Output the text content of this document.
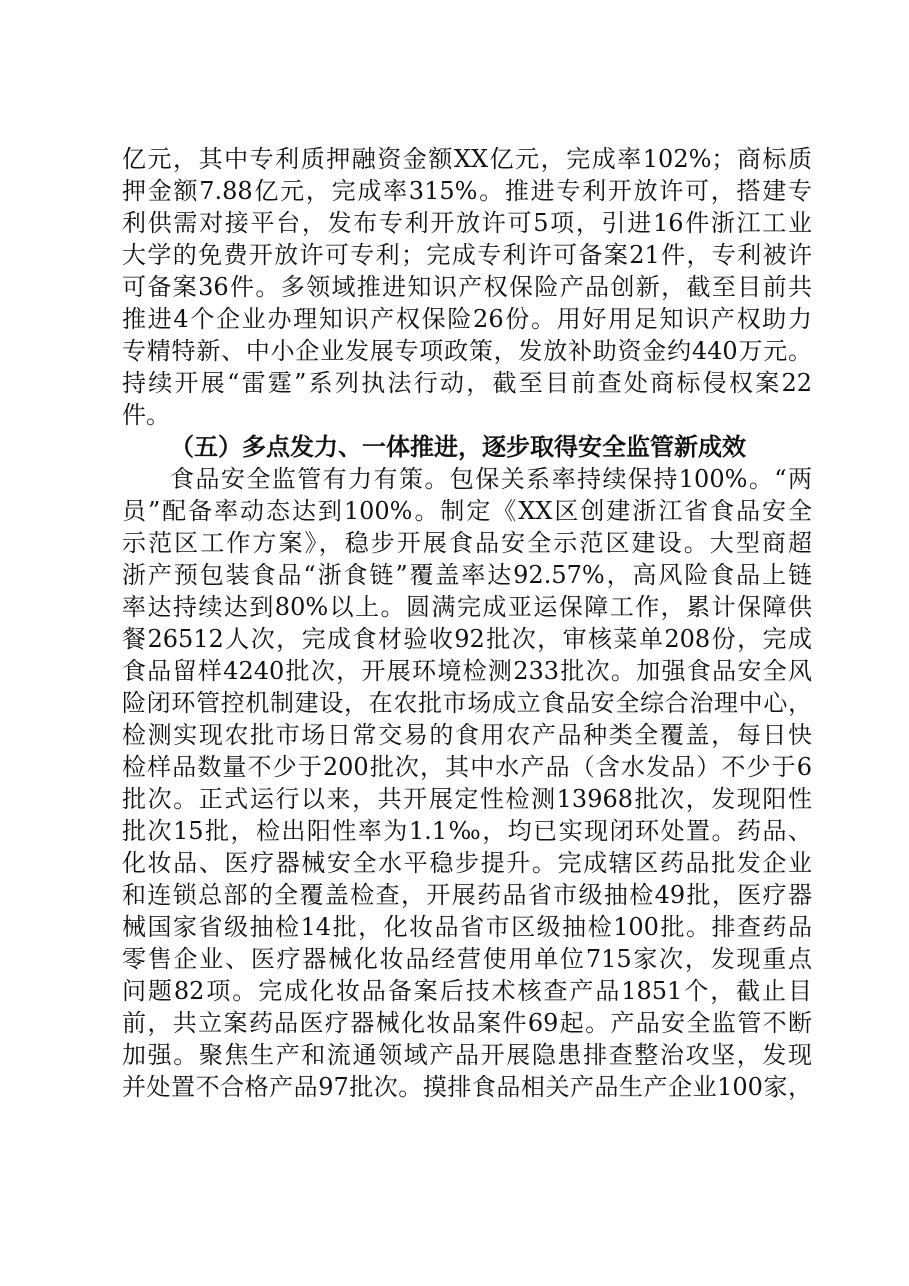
亿元，其中专利质押融资金额XX亿元，完成率102%；商标质
押金额7.88亿元，完成率315%。推进专利开放许可，搭建专
利供需对接平台，发布专利开放许可5项，引进16件浙江工业
大学的免费开放许可专利；完成专利许可备案21件，专利被许
可备案36件。多领域推进知识产权保险产品创新，截至目前共
推进4个企业办理知识产权保险26份。用好用足知识产权助力
专精特新、中小企业发展专项政策，发放补助资金约440万元。
持续开展“雷霆”系列执法行动，截至目前查处商标侵权案22
件。
（五）多点发力、一体推进，逐步取得安全监管新成效
食品安全监管有力有策。包保关系率持续保持100%。“两
员”配备率动态达到100%。制定《XX区创建浙江省食品安全
示范区工作方案》，稳步开展食品安全示范区建设。大型商超
浙产预包装食品“浙食链”覆盖率达92.57%，高风险食品上链
率达持续达到80%以上。圆满完成亚运保障工作，累计保障供
餐26512人次，完成食材验收92批次，审核菜单208份，完成
食品留样4240批次，开展环境检测233批次。加强食品安全风
险闭环管控机制建设，在农批市场成立食品安全综合治理中心，
检测实现农批市场日常交易的食用农产品种类全覆盖，每日快
检样品数量不少于200批次，其中水产品（含水发品）不少于6
批次。正式运行以来，共开展定性检测13968批次，发现阳性
批次15批，检出阳性率为1.1‰，均已实现闭环处置。药品、
化妆品、医疗器械安全水平稳步提升。完成辖区药品批发企业
和连锁总部的全覆盖检查，开展药品省市级抽检49批，医疗器
械国家省级抽检14批，化妆品省市区级抽检100批。排查药品
零售企业、医疗器械化妆品经营使用单位715家次，发现重点
问题82项。完成化妆品备案后技术核查产品1851个，截止目
前，共立案药品医疗器械化妆品案件69起。产品安全监管不断
加强。聚焦生产和流通领域产品开展隐患排查整治攻坚，发现
并处置不合格产品97批次。摸排食品相关产品生产企业100家，
